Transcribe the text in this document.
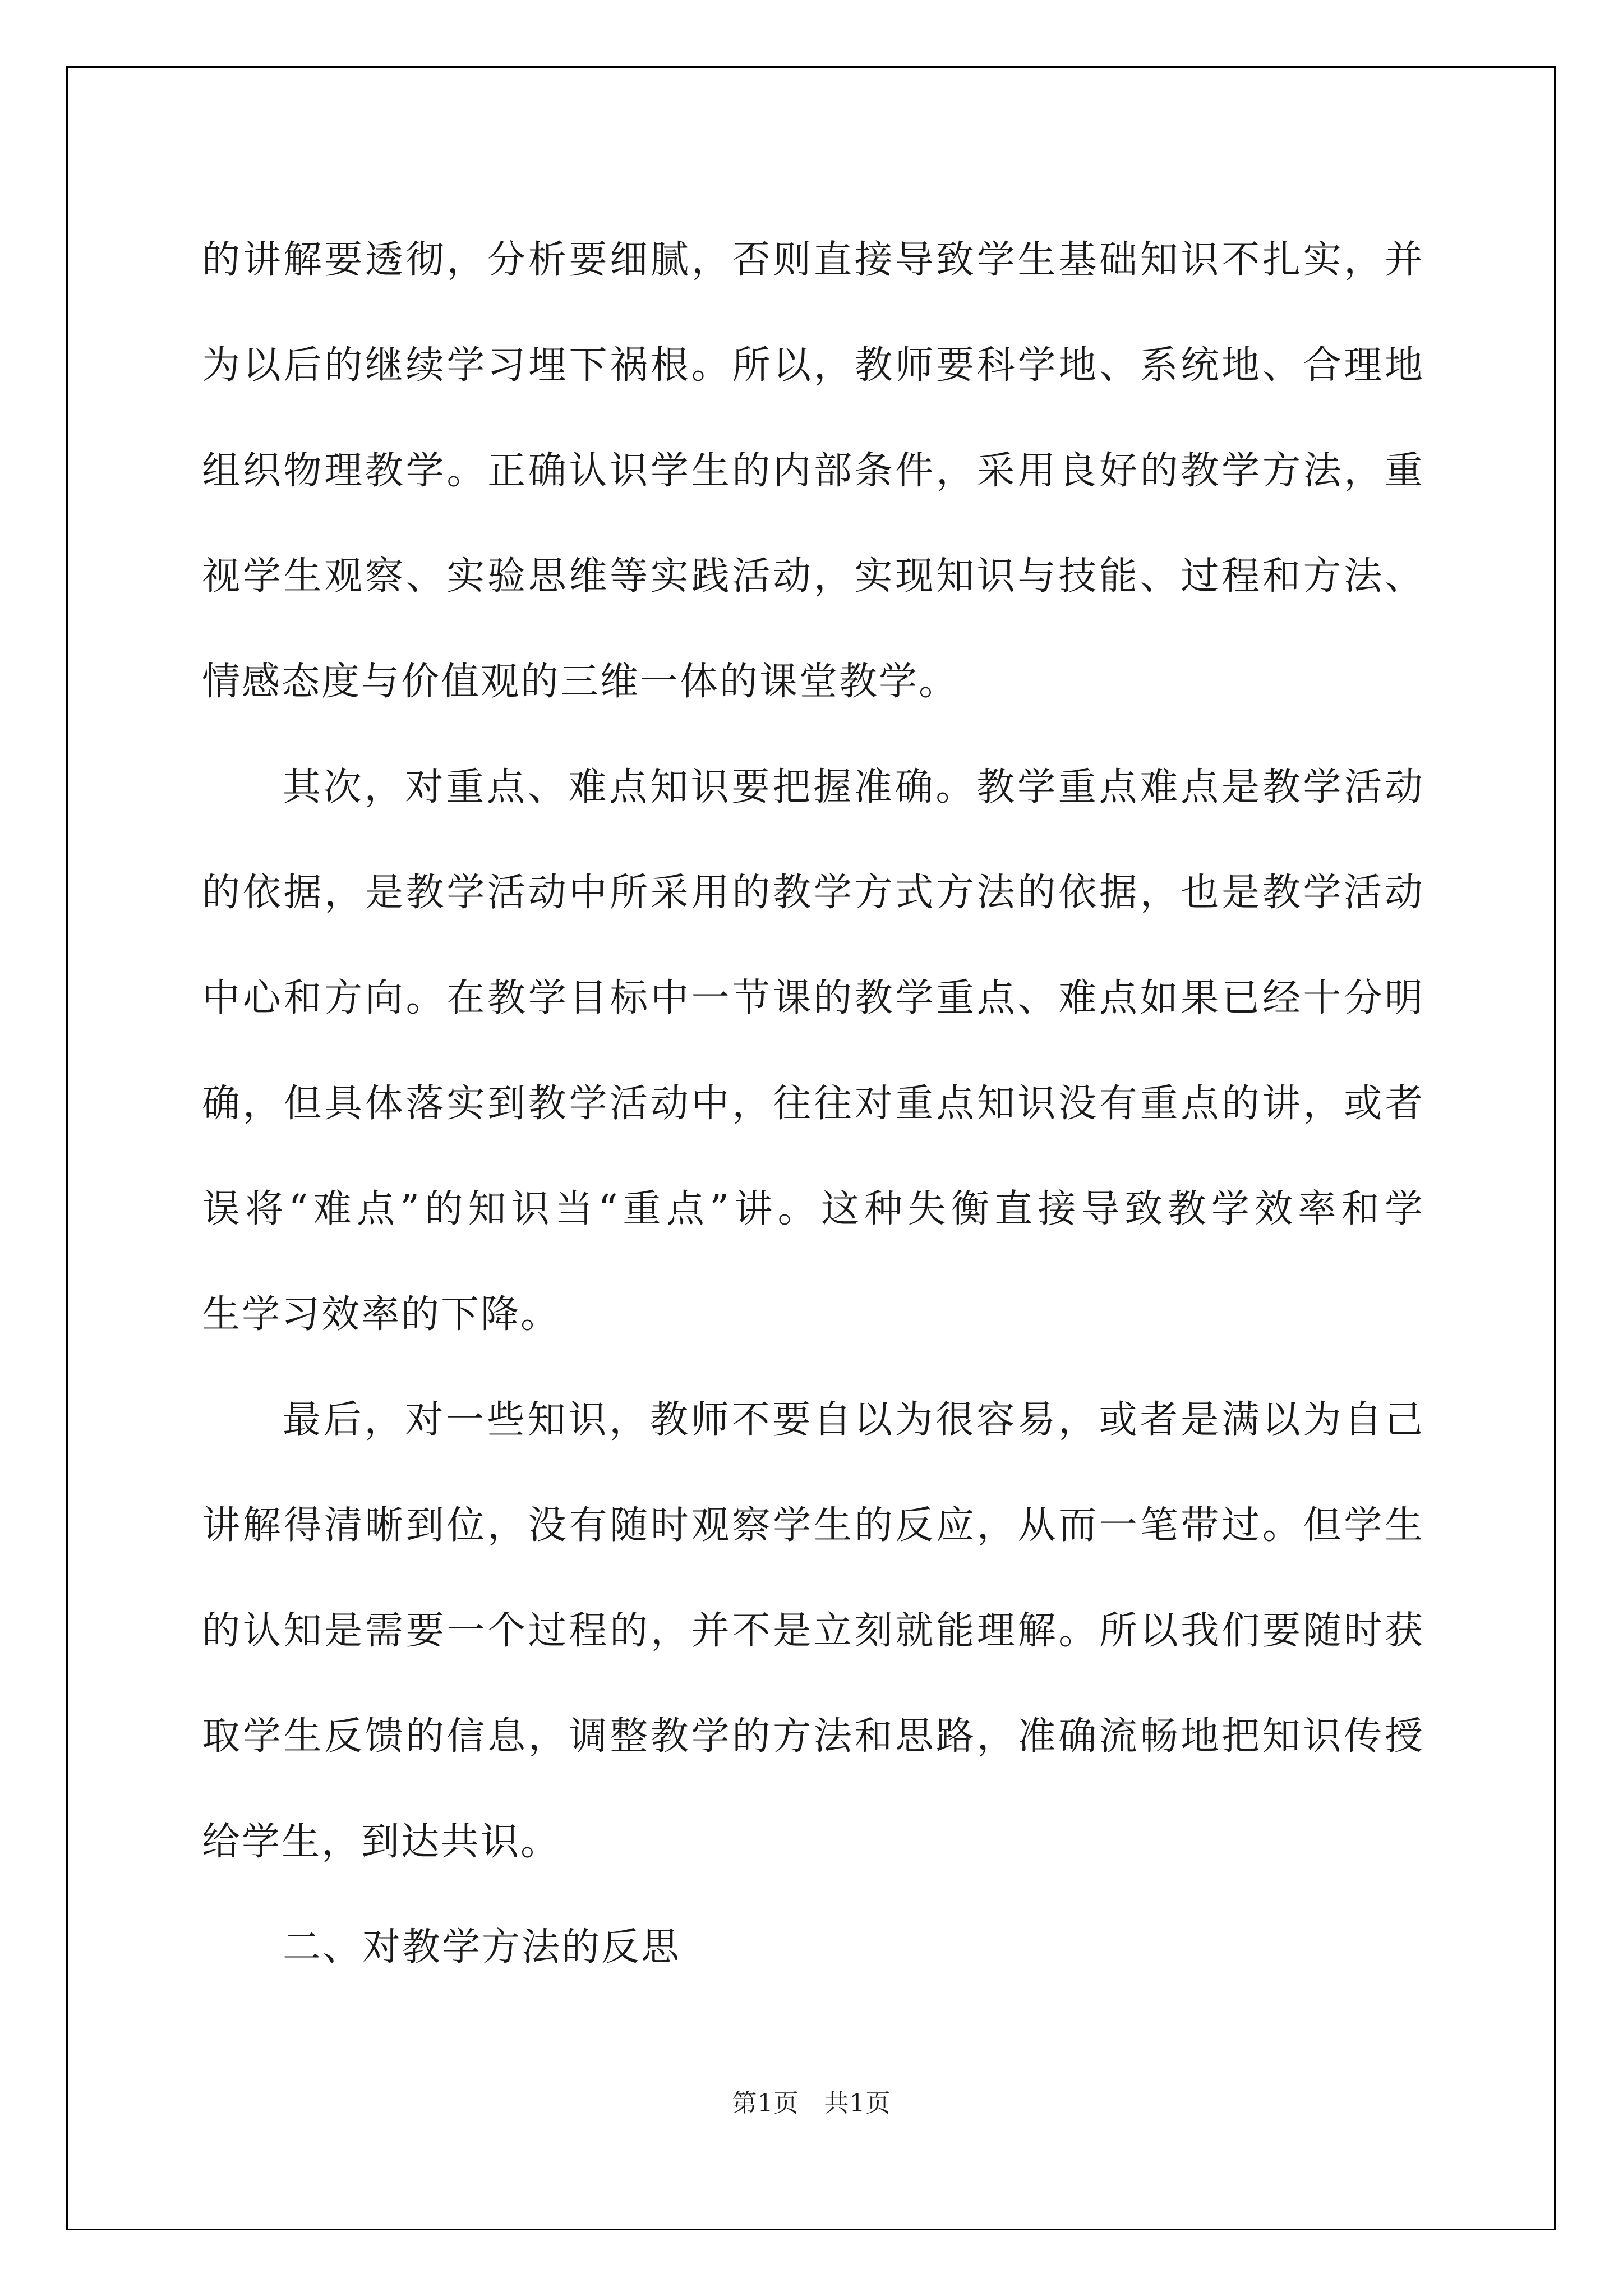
的讲解要透彻，分析要细腻，否则直接导致学生基础知识不扎实，并
为以后的继续学习埋下祸根。所以，教师要科学地、系统地、合理地
组织物理教学。正确认识学生的内部条件，采用良好的教学方法，重
视学生观察、实验思维等实践活动，实现知识与技能、过程和方法、
情感态度与价值观的三维一体的课堂教学。
其次，对重点、难点知识要把握准确。教学重点难点是教学活动
的依据，是教学活动中所采用的教学方式方法的依据，也是教学活动
中心和方向。在教学目标中一节课的教学重点、难点如果已经十分明
确，但具体落实到教学活动中，往往对重点知识没有重点的讲，或者
误将“难点”的知识当“重点”讲。这种失衡直接导致教学效率和学
生学习效率的下降。
最后，对一些知识，教师不要自以为很容易，或者是满以为自己
讲解得清晰到位，没有随时观察学生的反应，从而一笔带过。但学生
的认知是需要一个过程的，并不是立刻就能理解。所以我们要随时获
取学生反馈的信息，调整教学的方法和思路，准确流畅地把知识传授
给学生，到达共识。
二、对教学方法的反思
第1页　共1页
